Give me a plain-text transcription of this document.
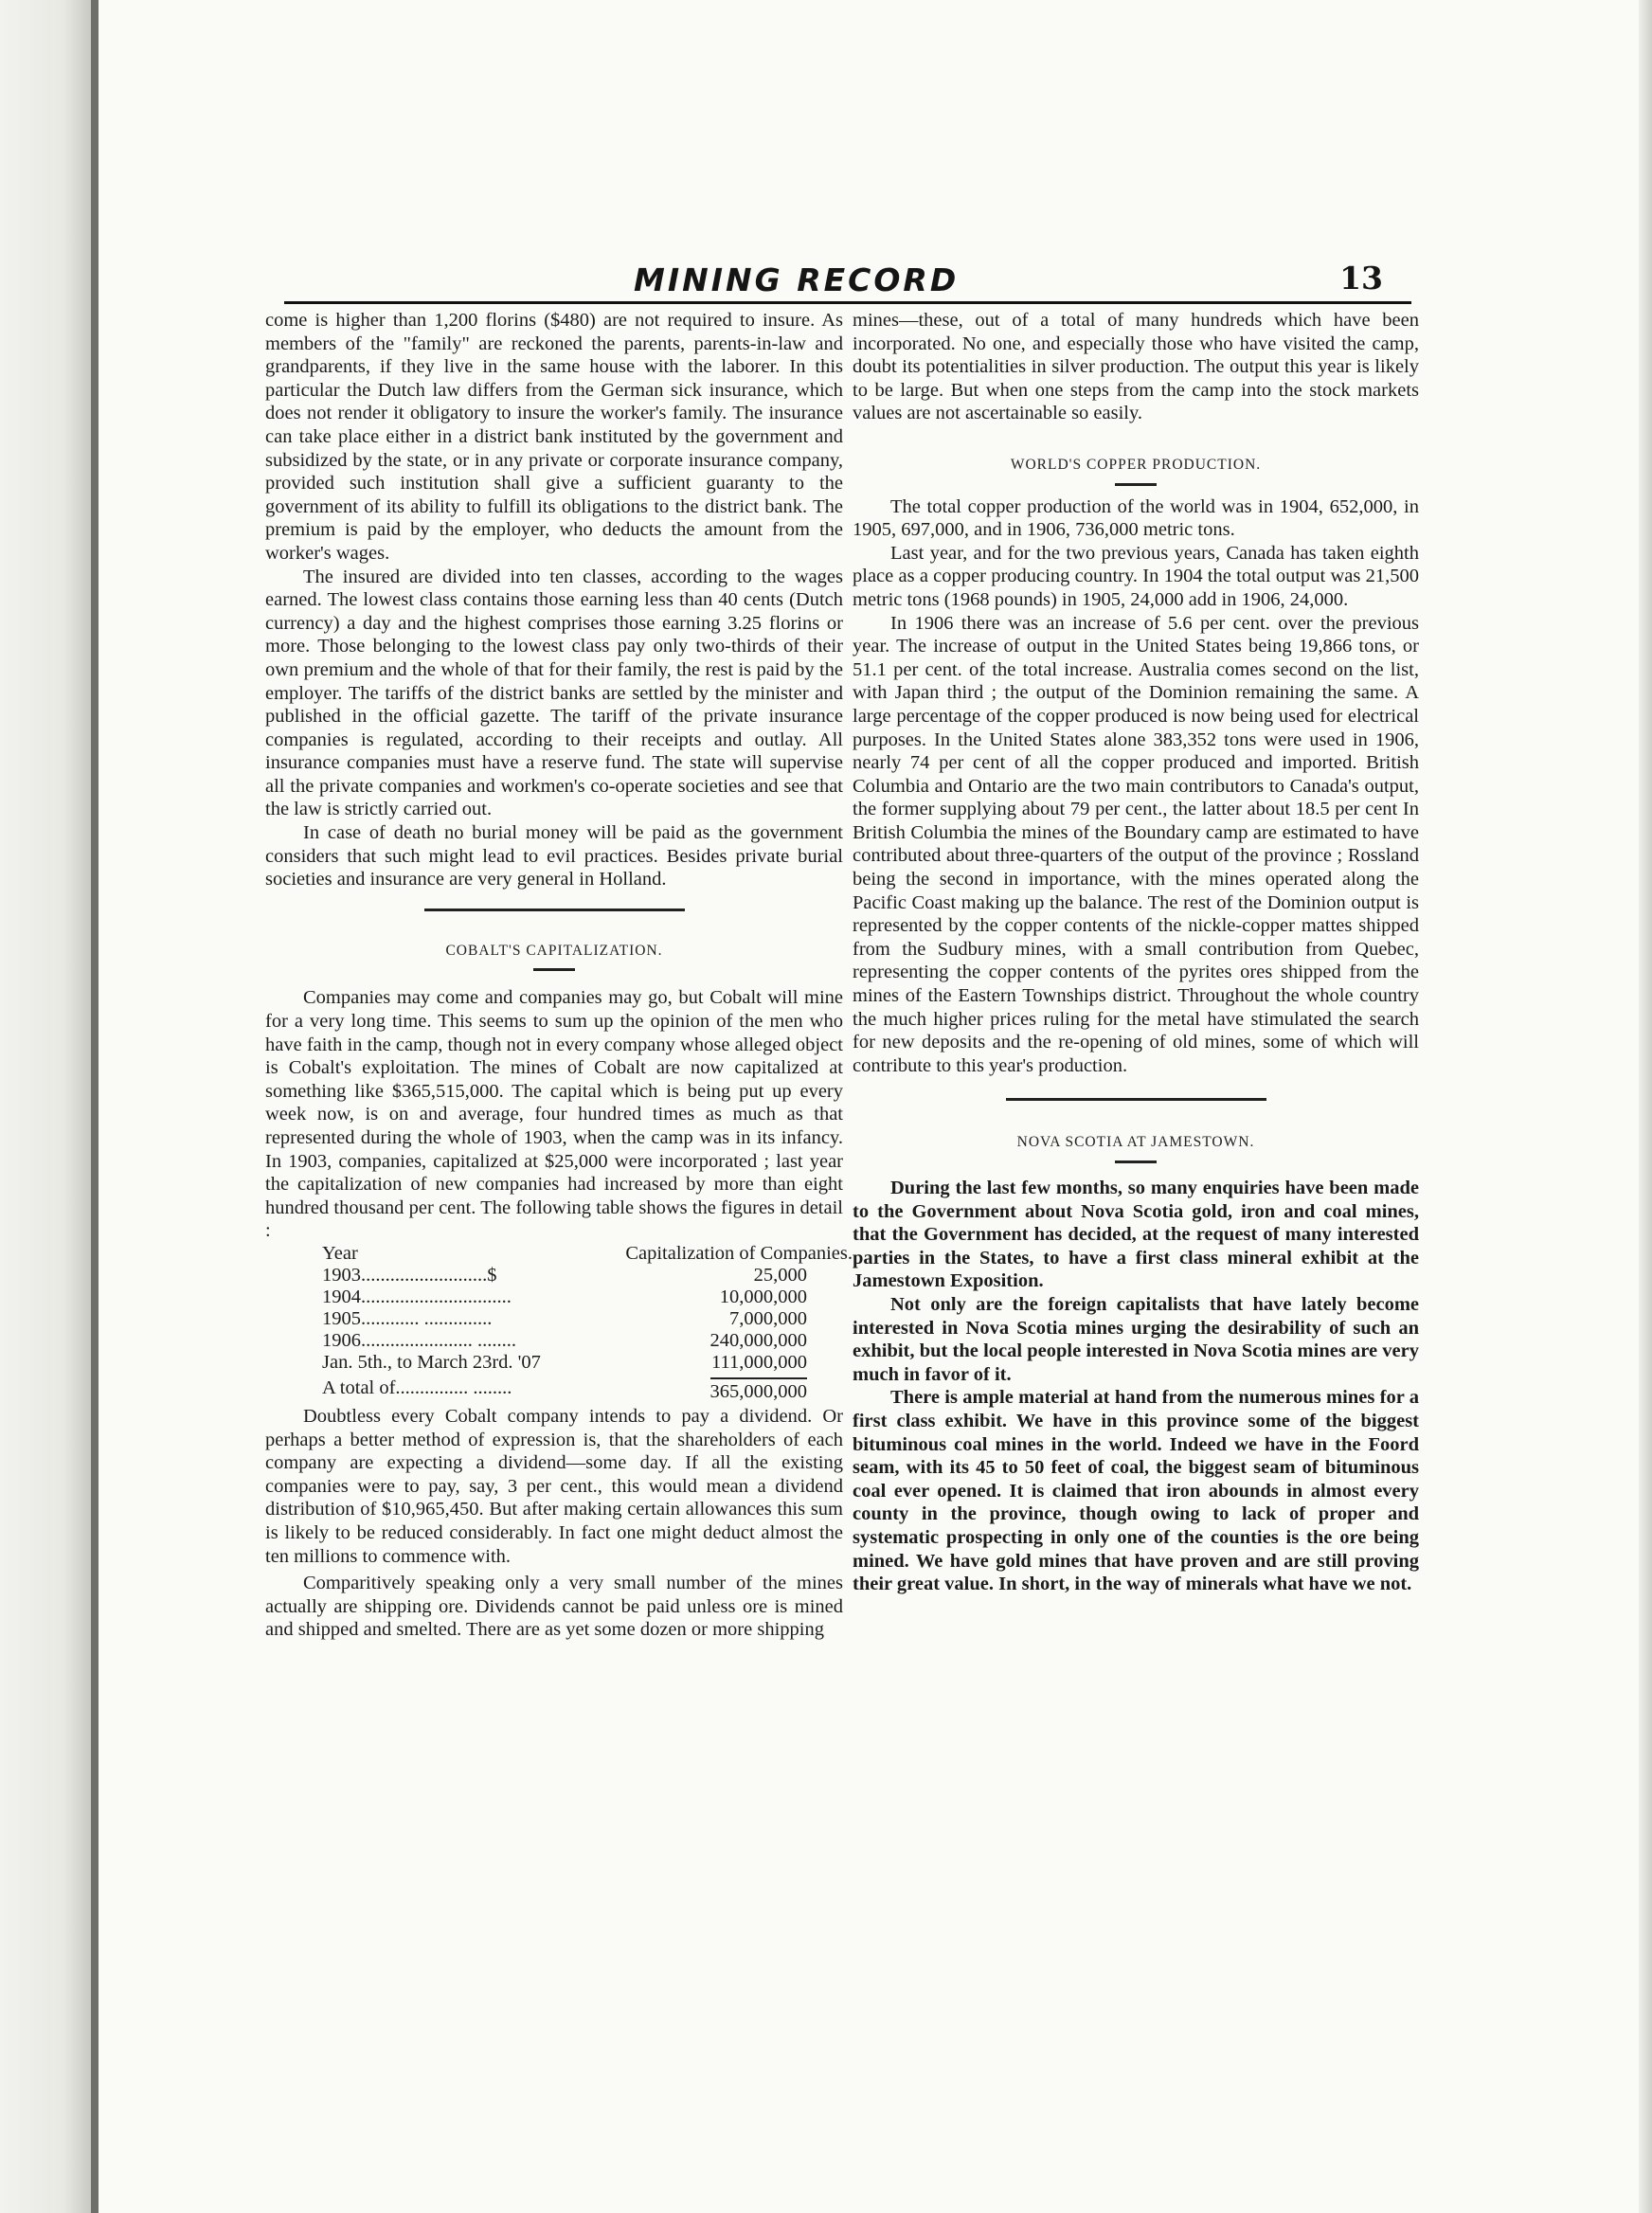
MINING RECORD	13

come is higher than 1,200 florins ($480) are not required to insure. As members of the "family" are reckoned the parents, parents-in-law and grandparents, if they live in the same house with the laborer. In this particular the Dutch law differs from the German sick insurance, which does not render it obligatory to insure the worker's family. The insurance can take place either in a district bank instituted by the government and subsidized by the state, or in any private or corporate insurance company, provided such institution shall give a sufficient guaranty to the government of its ability to fulfill its obligations to the district bank. The premium is paid by the employer, who deducts the amount from the worker's wages.

The insured are divided into ten classes, according to the wages earned. The lowest class contains those earning less than 40 cents (Dutch currency) a day and the highest comprises those earning 3.25 florins or more. Those belonging to the lowest class pay only two-thirds of their own premium and the whole of that for their family, the rest is paid by the employer. The tariffs of the district banks are settled by the minister and published in the official gazette. The tariff of the private insurance companies is regulated, according to their receipts and outlay. All insurance companies must have a reserve fund. The state will supervise all the private companies and workmen's co-operate societies and see that the law is strictly carried out.

In case of death no burial money will be paid as the government considers that such might lead to evil practices. Besides private burial societies and insurance are very general in Holland.

COBALT'S CAPITALIZATION.

Companies may come and companies may go, but Cobalt will mine for a very long time. This seems to sum up the opinion of the men who have faith in the camp, though not in every company whose alleged object is Cobalt's exploitation. The mines of Cobalt are now capitalized at something like $365,515,000. The capital which is being put up every week now, is on and average, four hundred times as much as that represented during the whole of 1903, when the camp was in its infancy. In 1903, companies, capitalized at $25,000 were incorporated ; last year the capitalization of new companies had increased by more than eight hundred thousand per cent. The following table shows the figures in detail :

Year	Capitalization of Companies.
1903..........................$	25,000
1904...............................	10,000,000
1905............ ..............	7,000,000
1906....................... ........	240,000,000
Jan. 5th., to March 23rd. '07	111,000,000
A total of............... ........	365,000,000

Doubtless every Cobalt company intends to pay a dividend. Or perhaps a better method of expression is, that the shareholders of each company are expecting a dividend—some day. If all the existing companies were to pay, say, 3 per cent., this would mean a dividend distribution of $10,965,450. But after making certain allowances this sum is likely to be reduced considerably. In fact one might deduct almost the ten millions to commence with.

Comparitively speaking only a very small number of the mines actually are shipping ore. Dividends cannot be paid unless ore is mined and shipped and smelted. There are as yet some dozen or more shipping

mines—these, out of a total of many hundreds which have been incorporated. No one, and especially those who have visited the camp, doubt its potentialities in silver production. The output this year is likely to be large. But when one steps from the camp into the stock markets values are not ascertainable so easily.

WORLD'S COPPER PRODUCTION.

The total copper production of the world was in 1904, 652,000, in 1905, 697,000, and in 1906, 736,000 metric tons.

Last year, and for the two previous years, Canada has taken eighth place as a copper producing country. In 1904 the total output was 21,500 metric tons (1968 pounds) in 1905, 24,000 add in 1906, 24,000.

In 1906 there was an increase of 5.6 per cent. over the previous year. The increase of output in the United States being 19,866 tons, or 51.1 per cent. of the total increase. Australia comes second on the list, with Japan third ; the output of the Dominion remaining the same. A large percentage of the copper produced is now being used for electrical purposes. In the United States alone 383,352 tons were used in 1906, nearly 74 per cent of all the copper produced and imported. British Columbia and Ontario are the two main contributors to Canada's output, the former supplying about 79 per cent., the latter about 18.5 per cent In British Columbia the mines of the Boundary camp are estimated to have contributed about three-quarters of the output of the province ; Rossland being the second in importance, with the mines operated along the Pacific Coast making up the balance. The rest of the Dominion output is represented by the copper contents of the nickle-copper mattes shipped from the Sudbury mines, with a small contribution from Quebec, representing the copper contents of the pyrites ores shipped from the mines of the Eastern Townships district. Throughout the whole country the much higher prices ruling for the metal have stimulated the search for new deposits and the re-opening of old mines, some of which will contribute to this year's production.

NOVA SCOTIA AT JAMESTOWN.

During the last few months, so many enquiries have been made to the Government about Nova Scotia gold, iron and coal mines, that the Government has decided, at the request of many interested parties in the States, to have a first class mineral exhibit at the Jamestown Exposition.

Not only are the foreign capitalists that have lately become interested in Nova Scotia mines urging the desirability of such an exhibit, but the local people interested in Nova Scotia mines are very much in favor of it.

There is ample material at hand from the numerous mines for a first class exhibit. We have in this province some of the biggest bituminous coal mines in the world. Indeed we have in the Foord seam, with its 45 to 50 feet of coal, the biggest seam of bituminous coal ever opened. It is claimed that iron abounds in almost every county in the province, though owing to lack of proper and systematic prospecting in only one of the counties is the ore being mined. We have gold mines that have proven and are still proving their great value. In short, in the way of minerals what have we not.
